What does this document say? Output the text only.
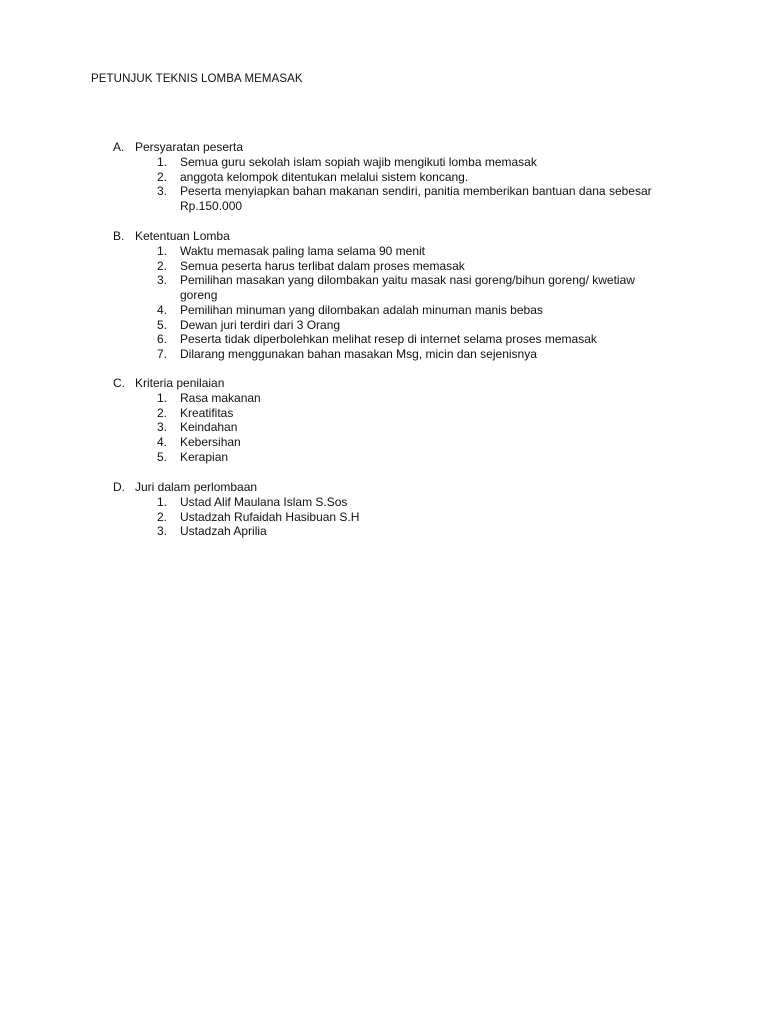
PETUNJUK TEKNIS LOMBA MEMASAK
A. Persyaratan peserta
1. Semua guru sekolah islam sopiah wajib mengikuti lomba memasak
2. anggota kelompok ditentukan melalui sistem koncang.
3. Peserta menyiapkan bahan makanan sendiri, panitia memberikan bantuan dana sebesar Rp.150.000
B. Ketentuan Lomba
1. Waktu memasak paling lama selama 90 menit
2. Semua peserta harus terlibat dalam proses memasak
3. Pemilihan masakan yang dilombakan yaitu masak nasi goreng/bihun goreng/ kwetiaw goreng
4. Pemilihan minuman yang dilombakan adalah minuman manis bebas
5. Dewan juri terdiri dari 3 Orang
6. Peserta tidak diperbolehkan melihat resep di internet selama proses memasak
7. Dilarang menggunakan bahan masakan Msg, micin dan sejenisnya
C. Kriteria penilaian
1. Rasa makanan
2. Kreatifitas
3. Keindahan
4. Kebersihan
5. Kerapian
D. Juri dalam perlombaan
1. Ustad Alif Maulana Islam S.Sos
2. Ustadzah Rufaidah Hasibuan S.H
3. Ustadzah Aprilia
